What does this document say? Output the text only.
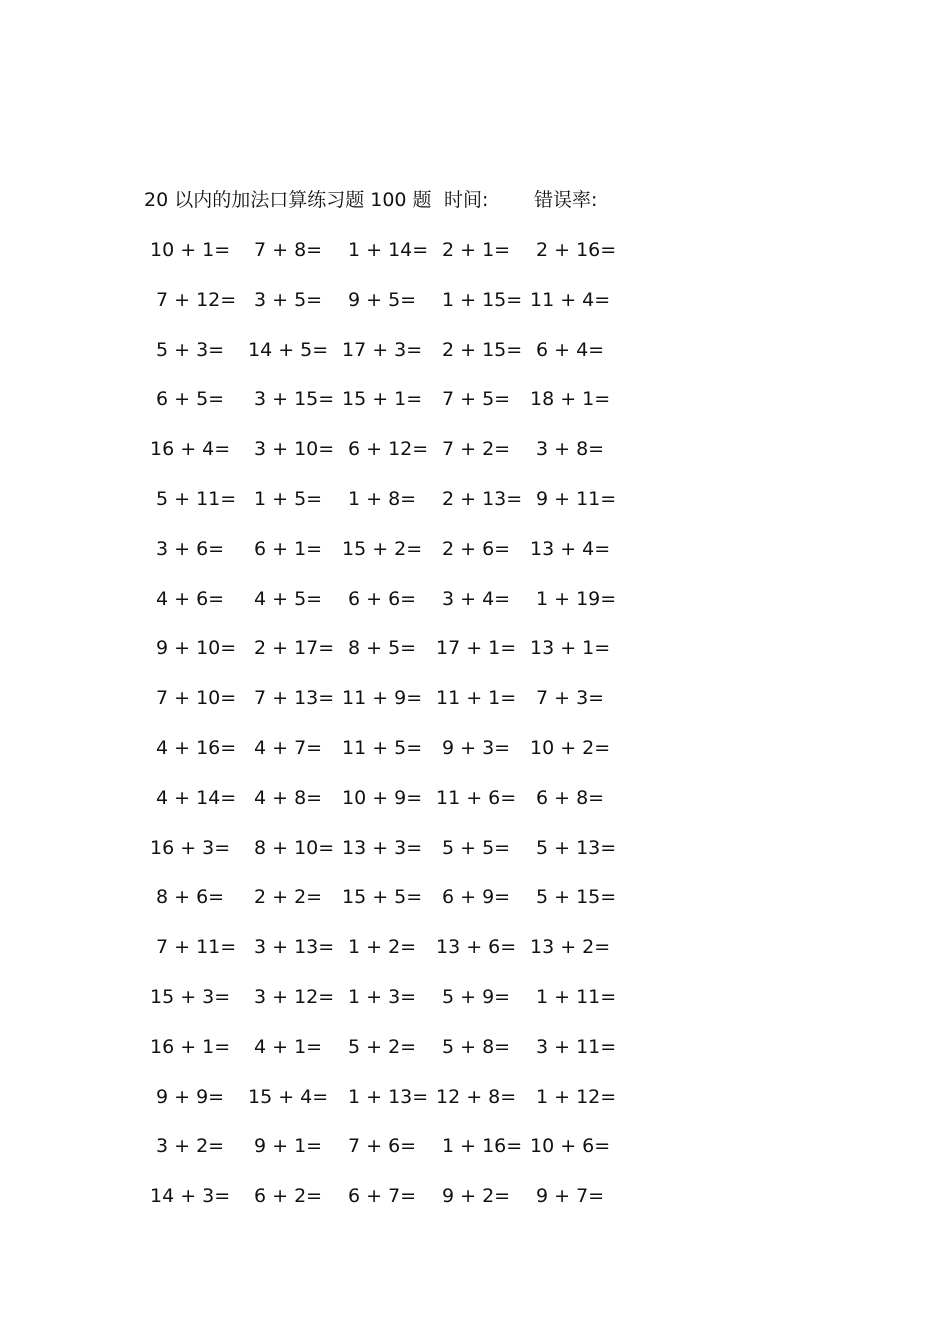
20 以内的加法口算练习题 100 题 时间: 错误率:
10 + 1= 7 + 8= 1 + 14= 2 + 1= 2 + 16=
7 + 12= 3 + 5= 9 + 5= 1 + 15= 11 + 4=
5 + 3= 14 + 5= 17 + 3= 2 + 15= 6 + 4=
6 + 5= 3 + 15= 15 + 1= 7 + 5= 18 + 1=
16 + 4= 3 + 10= 6 + 12= 7 + 2= 3 + 8=
5 + 11= 1 + 5= 1 + 8= 2 + 13= 9 + 11=
3 + 6= 6 + 1= 15 + 2= 2 + 6= 13 + 4=
4 + 6= 4 + 5= 6 + 6= 3 + 4= 1 + 19=
9 + 10= 2 + 17= 8 + 5= 17 + 1= 13 + 1=
7 + 10= 7 + 13= 11 + 9= 11 + 1= 7 + 3=
4 + 16= 4 + 7= 11 + 5= 9 + 3= 10 + 2=
4 + 14= 4 + 8= 10 + 9= 11 + 6= 6 + 8=
16 + 3= 8 + 10= 13 + 3= 5 + 5= 5 + 13=
8 + 6= 2 + 2= 15 + 5= 6 + 9= 5 + 15=
7 + 11= 3 + 13= 1 + 2= 13 + 6= 13 + 2=
15 + 3= 3 + 12= 1 + 3= 5 + 9= 1 + 11=
16 + 1= 4 + 1= 5 + 2= 5 + 8= 3 + 11=
9 + 9= 15 + 4= 1 + 13= 12 + 8= 1 + 12=
3 + 2= 9 + 1= 7 + 6= 1 + 16= 10 + 6=
14 + 3= 6 + 2= 6 + 7= 9 + 2= 9 + 7=
